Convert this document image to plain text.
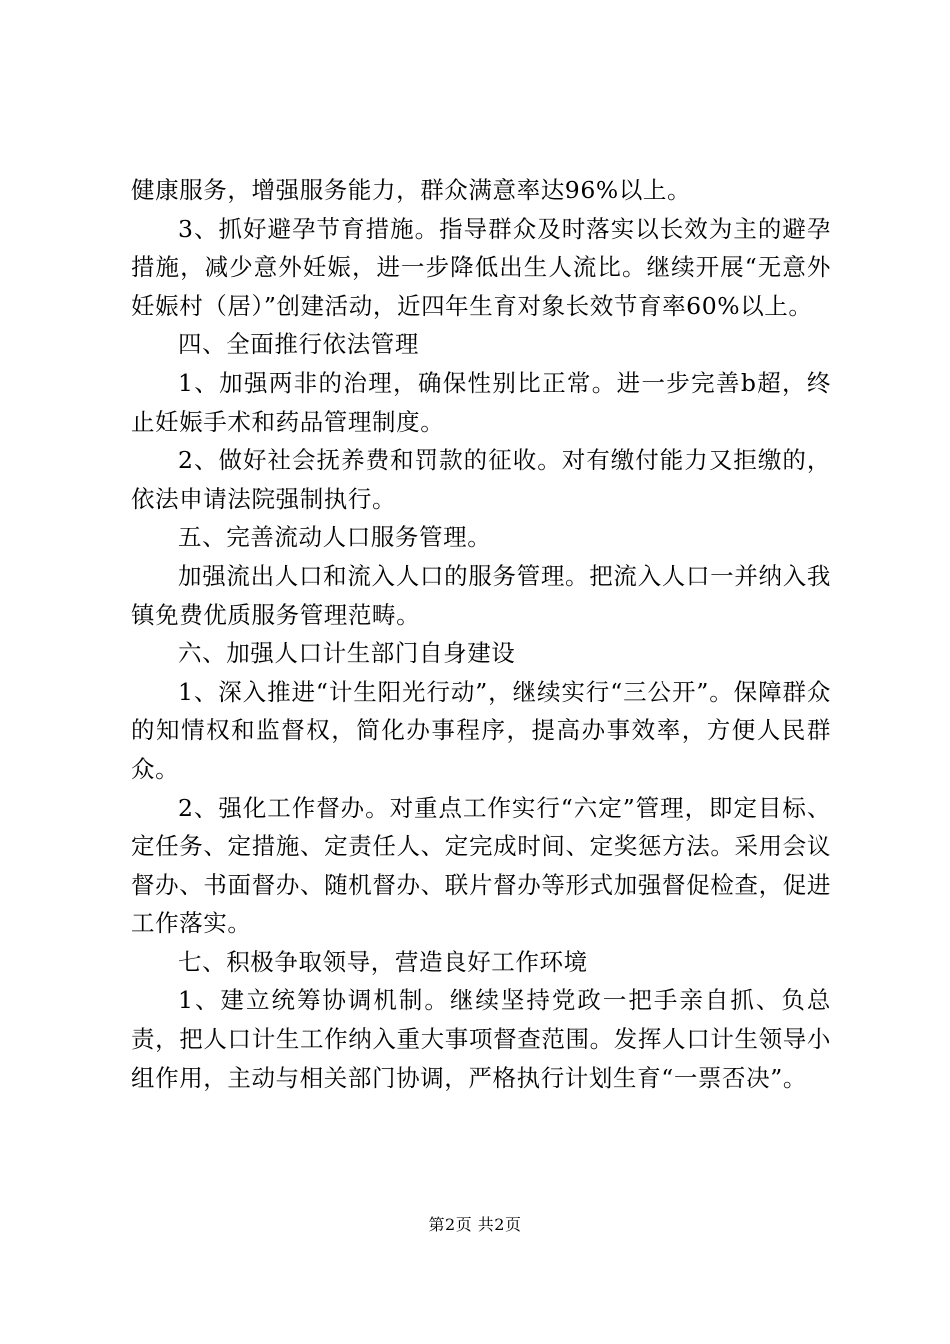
健康服务，增强服务能力，群众满意率达96%以上。

3、抓好避孕节育措施。指导群众及时落实以长效为主的避孕措施，减少意外妊娠，进一步降低出生人流比。继续开展“无意外妊娠村（居）”创建活动，近四年生育对象长效节育率60%以上。

四、全面推行依法管理

1、加强两非的治理，确保性别比正常。进一步完善b超，终止妊娠手术和药品管理制度。

2、做好社会抚养费和罚款的征收。对有缴付能力又拒缴的，依法申请法院强制执行。

五、完善流动人口服务管理。

加强流出人口和流入人口的服务管理。把流入人口一并纳入我镇免费优质服务管理范畴。

六、加强人口计生部门自身建设

1、深入推进“计生阳光行动”，继续实行“三公开”。保障群众的知情权和监督权，简化办事程序，提高办事效率，方便人民群众。

2、强化工作督办。对重点工作实行“六定”管理，即定目标、定任务、定措施、定责任人、定完成时间、定奖惩方法。采用会议督办、书面督办、随机督办、联片督办等形式加强督促检查，促进工作落实。

七、积极争取领导，营造良好工作环境

1、建立统筹协调机制。继续坚持党政一把手亲自抓、负总责，把人口计生工作纳入重大事项督查范围。发挥人口计生领导小组作用，主动与相关部门协调，严格执行计划生育“一票否决”。

第2页 共2页
